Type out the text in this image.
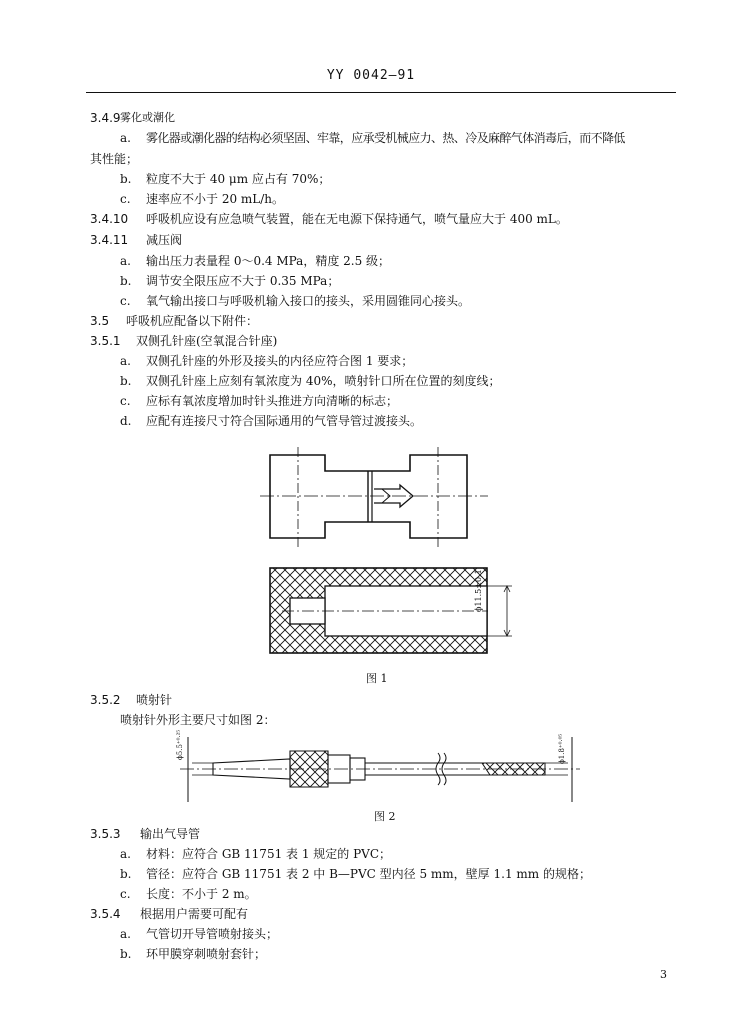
YY 0042—91
3.4.9 雾化或潮化
a. 雾化器或潮化器的结构必须坚固、牢靠，应承受机械应力、热、冷及麻醉气体消毒后，而不降低
其性能；
b. 粒度不大于 40 μm 应占有 70%；
c. 速率应不小于 20 mL/h。
3.4.10 呼吸机应设有应急喷气装置，能在无电源下保持通气，喷气量应大于 400 mL。
3.4.11 减压阀
a. 输出压力表量程 0～0.4 MPa，精度 2.5 级；
b. 调节安全限压应不大于 0.35 MPa；
c. 氧气输出接口与呼吸机输入接口的接头，采用圆锥同心接头。
3.5 呼吸机应配备以下附件：
3.5.1 双侧孔针座(空氧混合针座)
a. 双侧孔针座的外形及接头的内径应符合图 1 要求；
b. 双侧孔针座上应刻有氧浓度为 40%，喷射针口所在位置的刻度线；
c. 应标有氧浓度增加时针头推进方向清晰的标志；
d. 应配有连接尺寸符合国际通用的气管导管过渡接头。
ϕ11.5±0.1
图 1
3.5.2 喷射针
喷射针外形主要尺寸如图 2：
ϕ5.5⁺⁰·²⁵	ϕ1.8⁺⁰·⁰⁵
图 2
3.5.3 输出气导管
a. 材料：应符合 GB 11751 表 1 规定的 PVC；
b. 管径：应符合 GB 11751 表 2 中 B—PVC 型内径 5 mm，壁厚 1.1 mm 的规格；
c. 长度：不小于 2 m。
3.5.4 根据用户需要可配有
a. 气管切开导管喷射接头；
b. 环甲膜穿刺喷射套针；
3
